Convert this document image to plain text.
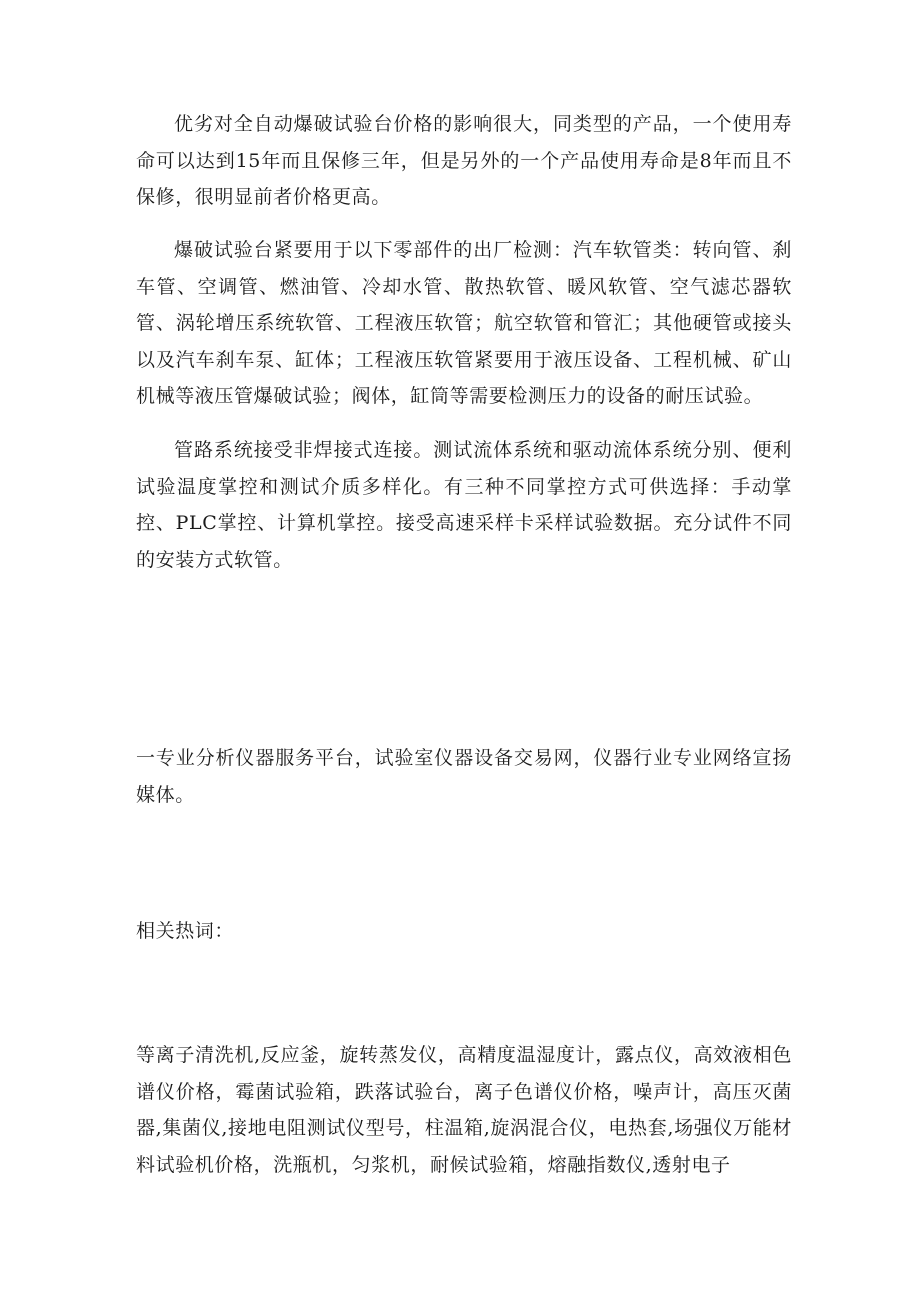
优劣对全自动爆破试验台价格的影响很大，同类型的产品，一个使用寿命可以达到15年而且保修三年，但是另外的一个产品使用寿命是8年而且不保修，很明显前者价格更高。

爆破试验台紧要用于以下零部件的出厂检测：汽车软管类：转向管、刹车管、空调管、燃油管、冷却水管、散热软管、暖风软管、空气滤芯器软管、涡轮增压系统软管、工程液压软管；航空软管和管汇；其他硬管或接头以及汽车刹车泵、缸体；工程液压软管紧要用于液压设备、工程机械、矿山机械等液压管爆破试验；阀体，缸筒等需要检测压力的设备的耐压试验。

管路系统接受非焊接式连接。测试流体系统和驱动流体系统分别、便利试验温度掌控和测试介质多样化。有三种不同掌控方式可供选择：手动掌控、PLC掌控、计算机掌控。接受高速采样卡采样试验数据。充分试件不同的安装方式软管。

一专业分析仪器服务平台，试验室仪器设备交易网，仪器行业专业网络宣扬媒体。

相关热词：

等离子清洗机,反应釜，旋转蒸发仪，高精度温湿度计，露点仪，高效液相色谱仪价格，霉菌试验箱，跌落试验台，离子色谱仪价格，噪声计，高压灭菌器,集菌仪,接地电阻测试仪型号，柱温箱,旋涡混合仪，电热套,场强仪万能材料试验机价格，洗瓶机，匀浆机，耐候试验箱，熔融指数仪,透射电子
